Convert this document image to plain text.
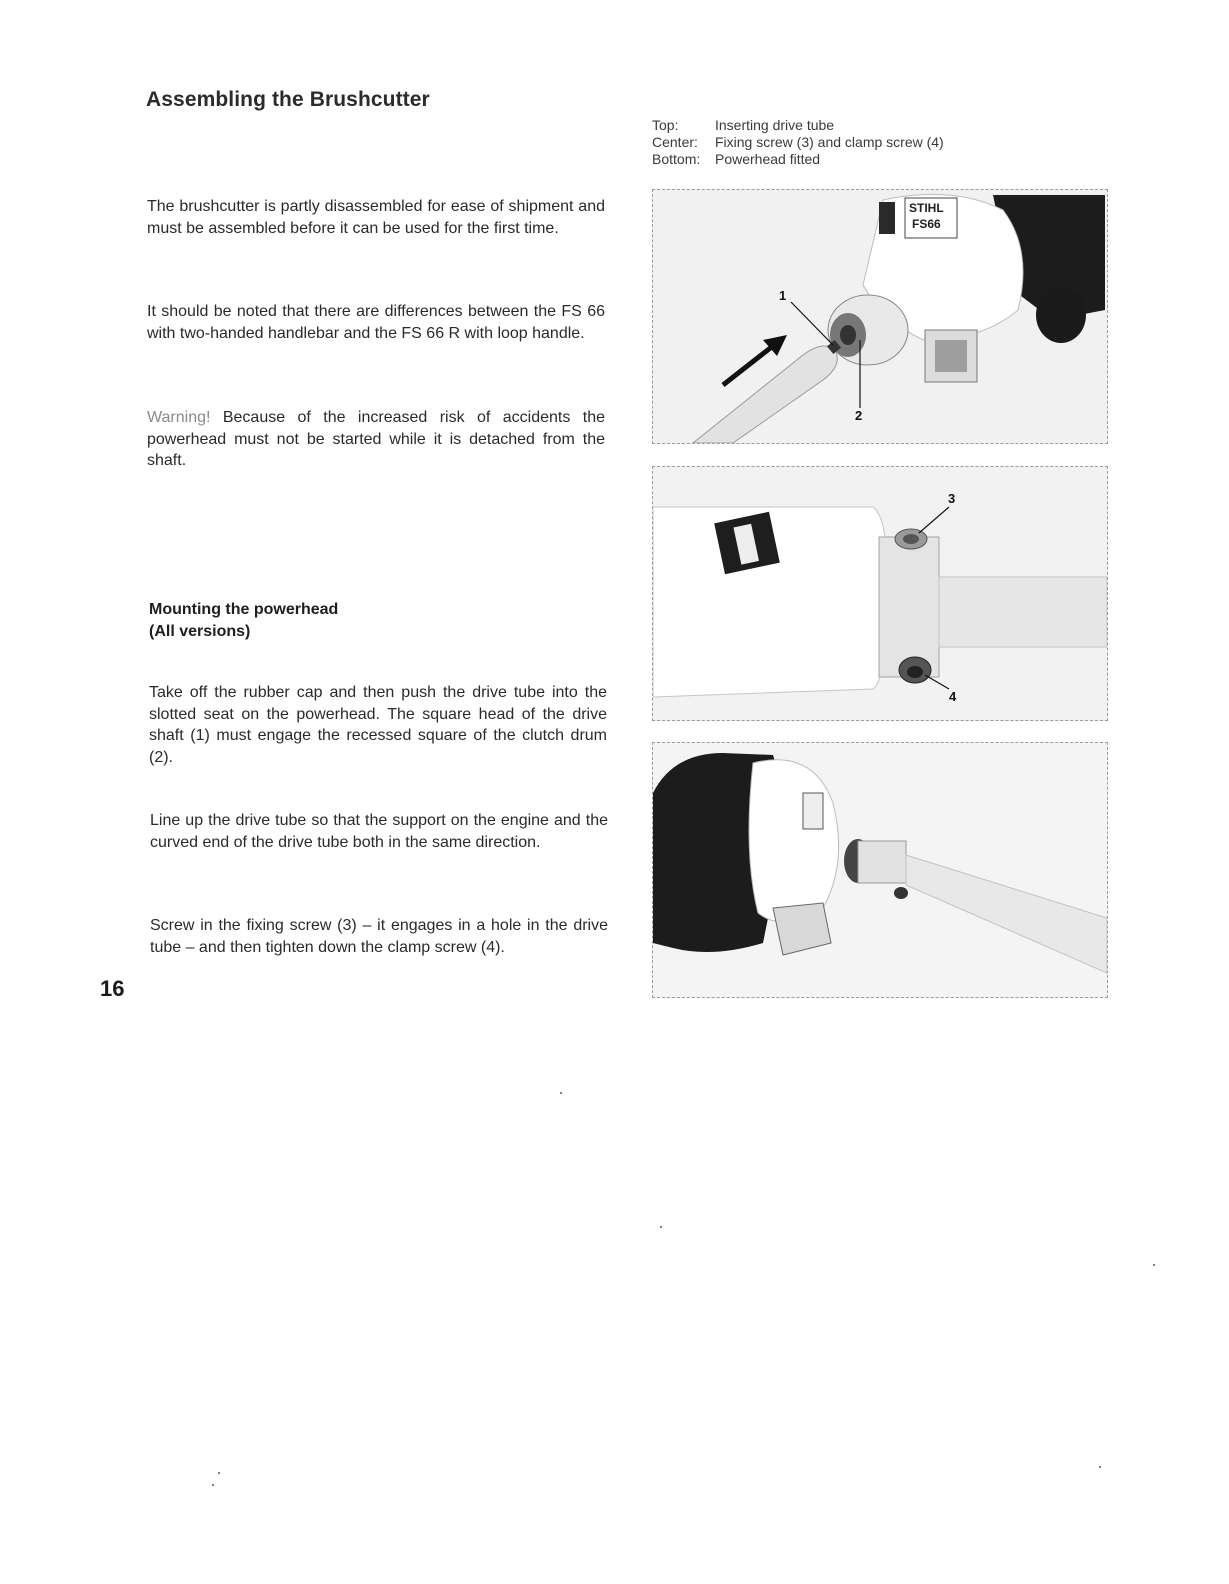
Assembling the Brushcutter
Top:	Inserting drive tube
Center:	Fixing screw (3) and clamp screw (4)
Bottom:	Powerhead fitted

The brushcutter is partly disassembled for ease of shipment and must be assembled before it can be used for the first time.

It should be noted that there are differences between the FS 66 with two-handed handlebar and the FS 66 R with loop handle.

Warning! Because of the increased risk of accidents the powerhead must not be started while it is detached from the shaft.

Mounting the powerhead
(All versions)

Take off the rubber cap and then push the drive tube into the slotted seat on the powerhead. The square head of the drive shaft (1) must engage the recessed square of the clutch drum (2).

Line up the drive tube so that the support on the engine and the curved end of the drive tube both in the same direction.

Screw in the fixing screw (3) – it engages in a hole in the drive tube – and then tighten down the clamp screw (4).

16
STIHL
FS66
1
2
3
4
